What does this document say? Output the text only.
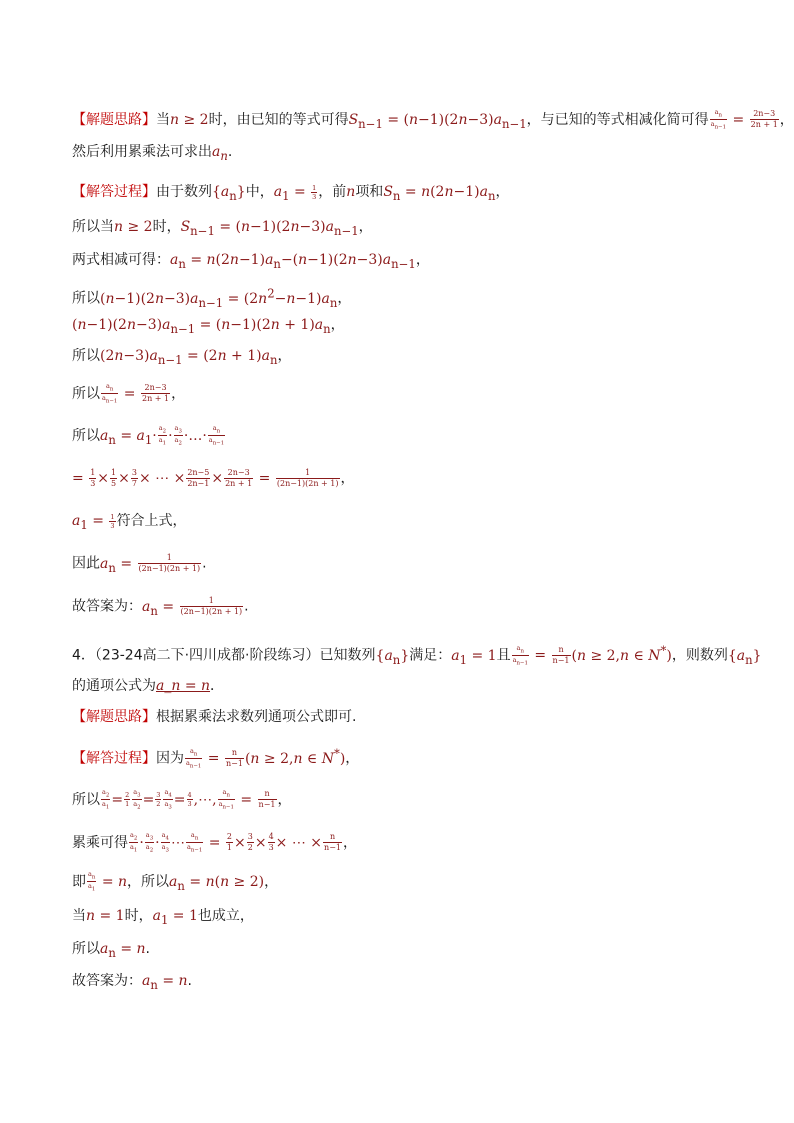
【解题思路】当n ≥ 2时，由已知的等式可得$S_{n-1} = (n-1)(2n-3)a_{n-1}$，与已知的等式相减化简可得 $\frac{a_n}{a_{n-1}} = \frac{2n-3}{2n + 1}$ ，
然后利用累乘法可求出$a_n$.
【解答过程】由于数列$\{a_n\}$中，$a_1 = \frac{1}{3}$ ，前n项和$S_n = n(2n-1)a_n$，
所以当n ≥ 2时，$S_{n-1} = (n-1)(2n-3)a_{n-1}$，
两式相减可得：$a_n = n(2n-1)a_n-(n-1)(2n-3)a_{n-1}$，
所以$(n-1)(2n-3)a_{n-1} = (2n^2-n-1)a_n$，
$(n-1)(2n-3)a_{n-1} = (n-1)(2n + 1)a_n$，
所以$(2n-3)a_{n-1} = (2n + 1)a_n$，
所以 $\frac{a_n}{a_{n-1}} = \frac{2n-3}{2n + 1}$ ，
所以$a_n = a_1\cdot \frac{a_2}{a_1} \cdot \frac{a_3}{a_2}$ ·…· $\frac{a_n}{a_{n-1}}$
= $\frac{1}{3} \times \frac{1}{5} \times \frac{3}{7}$ × ⋯ × $\frac{2n-5}{2n-1} \times \frac{2n-3}{2n + 1} = \frac{1}{(2n-1)(2n + 1)}$ ，
$a_1 = \frac{1}{3}$ 符合上式，
因此$a_n = \frac{1}{(2n-1)(2n + 1)}$ .
故答案为：$a_n = \frac{1}{(2n-1)(2n + 1)}$ .
4．（23-24高二下·四川成都·阶段练习）已知数列$\{a_n\}$满足：$a_1 = 1$且 $\frac{a_n}{a_{n-1}} = \frac{n}{n-1} (n \ge 2,n$ ∈ N*)，则数列$\{a_n\}$
的通项公式为a_n = n．
【解题思路】根据累乘法求数列通项公式即可.
【解答过程】因为 $\frac{a_n}{a_{n-1}} = \frac{n}{n-1} (n \ge 2,n$ ∈ N*)，
所以 $\frac{a_2}{a_1} = \frac{2}{1} \frac{a_3}{a_2} = \frac{3}{2} \frac{a_4}{a_3} = \frac{4}{3}$ ,⋯, $\frac{a_n}{a_{n-1}} = \frac{n}{n-1}$ ，
累乘可得 $\frac{a_2}{a_1} \cdot \frac{a_3}{a_2} \cdot \frac{a_4}{a_3}$ ⋯ $\frac{a_n}{a_{n-1}} = \frac{2}{1} \times \frac{3}{2} \times \frac{4}{3}$ × ⋯ × $\frac{n}{n-1}$ ，
即 $\frac{a_n}{a_1} = n$，所以$a_n = n(n \ge 2)$，
当n = 1时，$a_1 = 1$也成立，
所以$a_n = n$.
故答案为：$a_n = n$.
